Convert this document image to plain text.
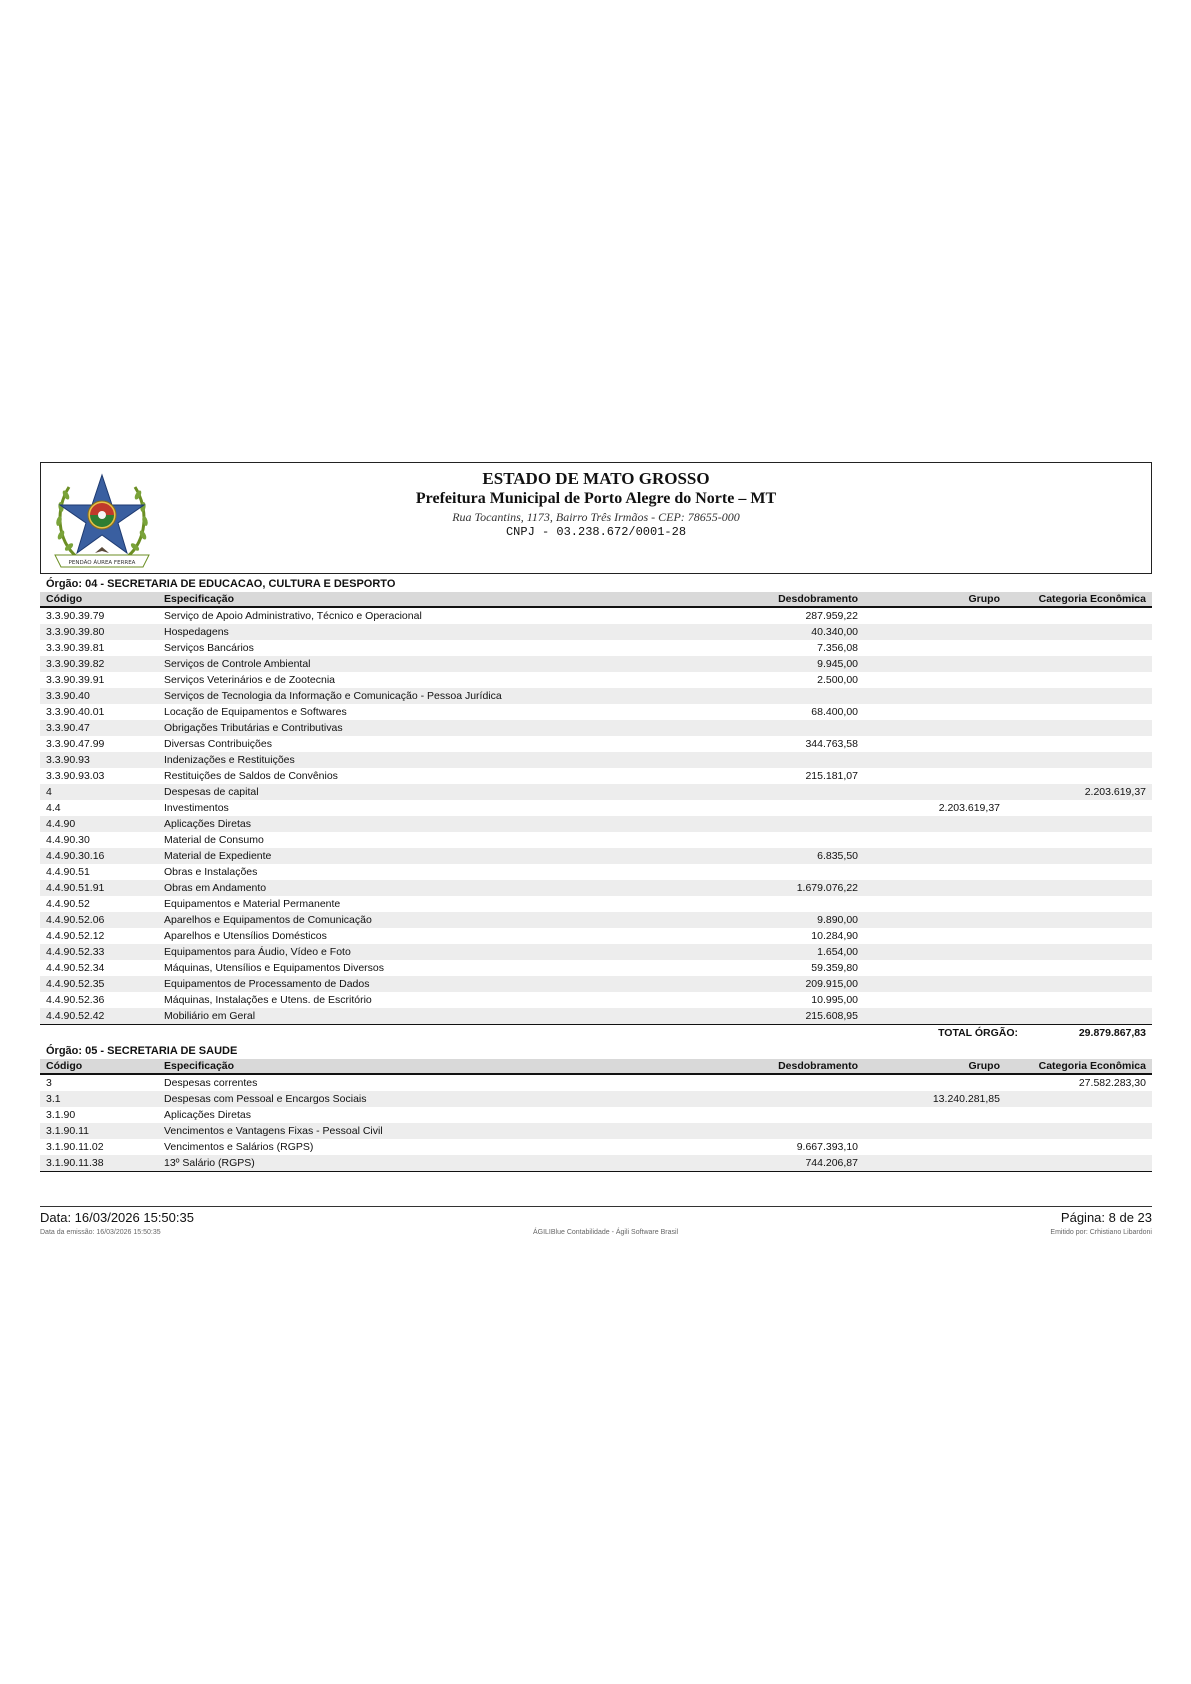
PENDÃO ÁUREA FERREA
ESTADO DE MATO GROSSO
Prefeitura Municipal de Porto Alegre do Norte – MT
Rua Tocantins, 1173, Bairro Três Irmãos - CEP: 78655-000
CNPJ - 03.238.672/0001-28
Órgão: 04 - SECRETARIA DE EDUCACAO, CULTURA E DESPORTO
Código	Especificação	Desdobramento	Grupo	Categoria Econômica
3.3.90.39.79	Serviço de Apoio Administrativo, Técnico e Operacional	287.959,22		
3.3.90.39.80	Hospedagens	40.340,00		
3.3.90.39.81	Serviços Bancários	7.356,08		
3.3.90.39.82	Serviços de Controle Ambiental	9.945,00		
3.3.90.39.91	Serviços Veterinários e de Zootecnia	2.500,00		
3.3.90.40	Serviços de Tecnologia da Informação e Comunicação - Pessoa Jurídica			
3.3.90.40.01	Locação de Equipamentos e Softwares	68.400,00		
3.3.90.47	Obrigações Tributárias e Contributivas			
3.3.90.47.99	Diversas Contribuições	344.763,58		
3.3.90.93	Indenizações e Restituições			
3.3.90.93.03	Restituições de Saldos de Convênios	215.181,07		
4	Despesas de capital			2.203.619,37
4.4	Investimentos		2.203.619,37	
4.4.90	Aplicações Diretas			
4.4.90.30	Material de Consumo			
4.4.90.30.16	Material de Expediente	6.835,50		
4.4.90.51	Obras e Instalações			
4.4.90.51.91	Obras em Andamento	1.679.076,22		
4.4.90.52	Equipamentos e Material Permanente			
4.4.90.52.06	Aparelhos e Equipamentos de Comunicação	9.890,00		
4.4.90.52.12	Aparelhos e Utensílios Domésticos	10.284,90		
4.4.90.52.33	Equipamentos para Áudio, Vídeo e Foto	1.654,00		
4.4.90.52.34	Máquinas, Utensílios e Equipamentos Diversos	59.359,80		
4.4.90.52.35	Equipamentos de Processamento de Dados	209.915,00		
4.4.90.52.36	Máquinas, Instalações e Utens. de Escritório	10.995,00		
4.4.90.52.42	Mobiliário em Geral	215.608,95		
TOTAL ÓRGÃO:	29.879.867,83
Órgão: 05 - SECRETARIA DE SAUDE
Código	Especificação	Desdobramento	Grupo	Categoria Econômica
3	Despesas correntes			27.582.283,30
3.1	Despesas com Pessoal e Encargos Sociais		13.240.281,85	
3.1.90	Aplicações Diretas			
3.1.90.11	Vencimentos e Vantagens Fixas - Pessoal Civil			
3.1.90.11.02	Vencimentos e Salários (RGPS)	9.667.393,10		
3.1.90.11.38	13º Salário (RGPS)	744.206,87		
Data: 16/03/2026 15:50:35	Página: 8 de 23
Data da emissão: 16/03/2026 15:50:35	ÁGILIBlue Contabilidade - Ágili Software Brasil	Emitido por: Crhistiano Libardoni
